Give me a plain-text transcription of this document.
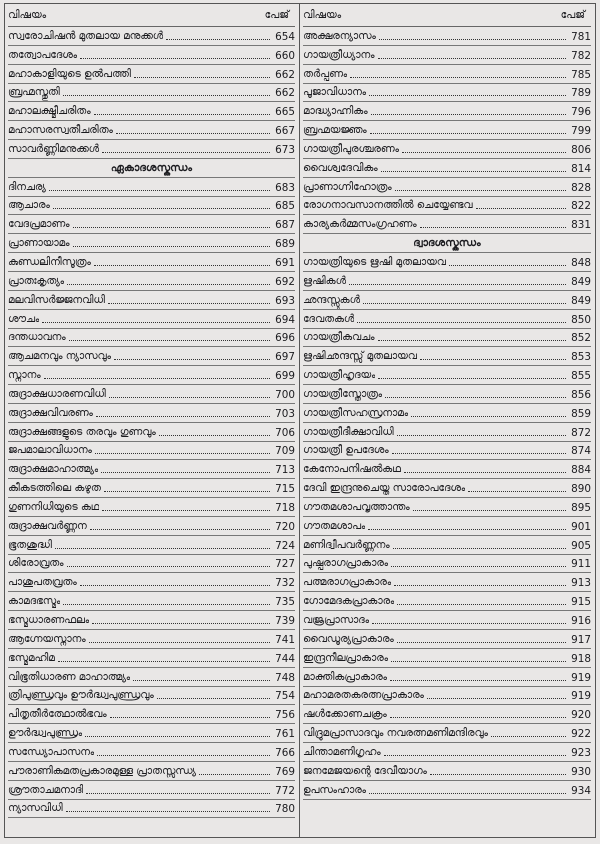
വിഷയം	പേജ്
സ്വരോചിഷൻ മുതലായ മനുക്കൾ	654
തത്വോപദേശം	660
മഹാകാളിയുടെ ഉൽപത്തി	662
ബ്രഹ്മസ്തുതി	662
മഹാലക്ഷ്മീചരിതം	665
മഹാസരസ്വതീചരിതം	667
സാവർണ്ണിമനുക്കൾ	673
ഏകാദശസ്കന്ധം
ദിനചര്യ	683
ആചാരം	685
വേദപ്രമാണം	687
പ്രാണായാമം	689
കുണ്ഡലിനീസൂത്രം	691
പ്രാതഃകൃത്യം	692
മലവിസർജ്ജനവിധി	693
ശൗചം	694
ദന്തധാവനം	696
ആചമനവും ന്യാസവും	697
സ്നാനം	699
രുദ്രാക്ഷധാരണവിധി	700
രുദ്രാക്ഷവിവരണം	703
രുദ്രാക്ഷങ്ങളുടെ തരവും ഗുണവും	706
ജപമാലാവിധാനം	709
രുദ്രാക്ഷമാഹാത്മ്യം	713
കീകടത്തിലെ കഴുത	715
ഗുണനിധിയുടെ കഥ	718
രുദ്രാക്ഷവർണ്ണന	720
ഭൂതശുദ്ധി	724
ശിരോവ്രതം	727
പാശുപതവ്രതം	732
കാമദഭസ്മം	735
ഭസ്മധാരണഫലം	739
ആഗ്നേയസ്നാനം	741
ഭസ്മമഹിമ	744
വിഭൂതിധാരണ മാഹാത്മ്യം	748
ത്രിപുണ്ഡ്രവും ഊർദ്ധ്വപുണ്ഡ്രവും	754
പിതൃതീർത്ഥോൽഭവം	756
ഊർദ്ധ്വപുണ്ഡ്രം	761
സന്ധ്യോപാസനം	766
പൗരാണികമതപ്രകാരമുള്ള പ്രാതസ്സന്ധ്യ	769
ശ്രൗതാചമനാദി	772
ന്യാസവിധി	780
വിഷയം	പേജ്
അക്ഷരന്യാസം	781
ഗായത്രീധ്യാനം	782
തർപ്പണം	785
പൂജാവിധാനം	789
മാദ്ധ്യാഹ്നികം	796
ബ്രഹ്മയജ്ഞം	799
ഗായത്രീപുരശ്ചരണം	806
വൈശ്വദേവികം	814
പ്രാണാഗ്നിഹോത്രം	828
രോഗനാവസാനത്തിൽ ചെയ്യേണ്ടവ	822
കാര്യകർമ്മസംഗ്രഹണം	831
ദ്വാദശസ്കന്ധം
ഗായത്രിയുടെ ഋഷി മുതലായവ	848
ഋഷികൾ	849
ഛന്ദസ്സുകൾ	849
ദേവതകൾ	850
ഗായത്രീകവചം	852
ഋഷിഛന്ദസ്സ് മുതലായവ	853
ഗായത്രീഹൃദയം	855
ഗായത്രീസ്തോത്രം	856
ഗായത്രീസഹസ്രനാമം	859
ഗായത്രീദീക്ഷാവിധി	872
ഗായത്രീ ഉപദേശം	874
കേനോപനിഷൽകഥ	884
ദേവി ഇന്ദ്രനുചെയ്ത സാരോപദേശം	890
ഗൗതമശാപവൃത്താന്തം	895
ഗൗതമശാപം	901
മണിദ്വീപവർണ്ണനം	905
പുഷ്പരാഗപ്രാകാരം	911
പത്മരാഗപ്രാകാരം	913
ഗോമേദകപ്രാകാരം	915
വജ്രപ്രാസാദം	916
വൈഡൂര്യപ്രാകാരം	917
ഇന്ദ്രനീലപ്രാകാരം	918
മാക്തികപ്രാകാരം	919
മഹാമരതകരത്നപ്രാകാരം	919
ഷൾക്കോണചക്രം	920
വിദ്രുമപ്രാസാദവും നവരത്നമണിമന്ദിരവും	922
ചിന്താമണിഗൃഹം	923
ജനമേജയന്റെ ദേവീയാഗം	930
ഉപസംഹാരം	934
